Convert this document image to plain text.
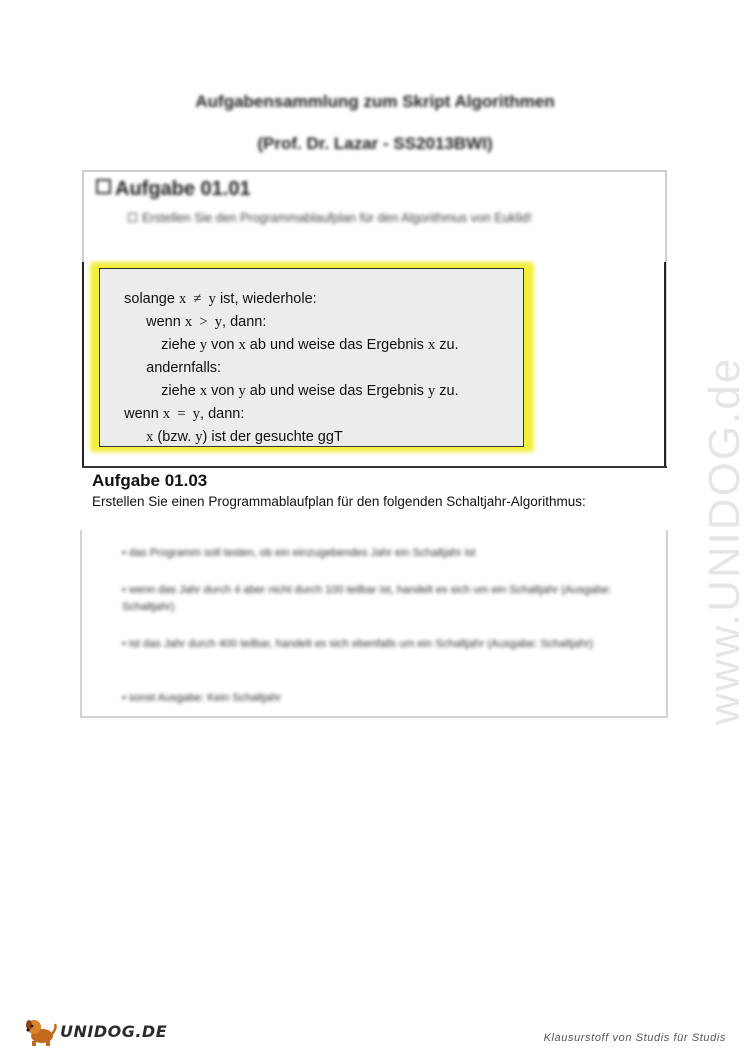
Aufgabensammlung zum Skript Algorithmen
(Prof. Dr. Lazar - SS2013BWI)
Aufgabe 01.01
Erstellen Sie den Programmablaufplan für den Algorithmus von Euklid!

solange x  ≠  y ist, wiederhole:

wenn x  >  y, dann:

ziehe y von x ab und weise das Ergebnis x zu.

andernfalls:

ziehe x von y ab und weise das Ergebnis y zu.

wenn x  =  y, dann:

x (bzw. y) ist der gesuchte ggT

Aufgabe 01.03
Erstellen Sie einen Programmablaufplan für den folgenden Schaltjahr-Algorithmus:
• das Programm soll testen, ob ein einzugebendes Jahr ein Schaltjahr ist
• wenn das Jahr durch 4 aber nicht durch 100 teilbar ist, handelt es sich um ein Schaltjahr (Ausgabe: Schaltjahr)
• ist das Jahr durch 400 teilbar, handelt es sich ebenfalls um ein Schaltjahr (Ausgabe: Schaltjahr)
• sonst Ausgabe: Kein Schaltjahr	www.UNIDOG.de
UNIDOG.DE	Klausurstoff von Studis für Studis
